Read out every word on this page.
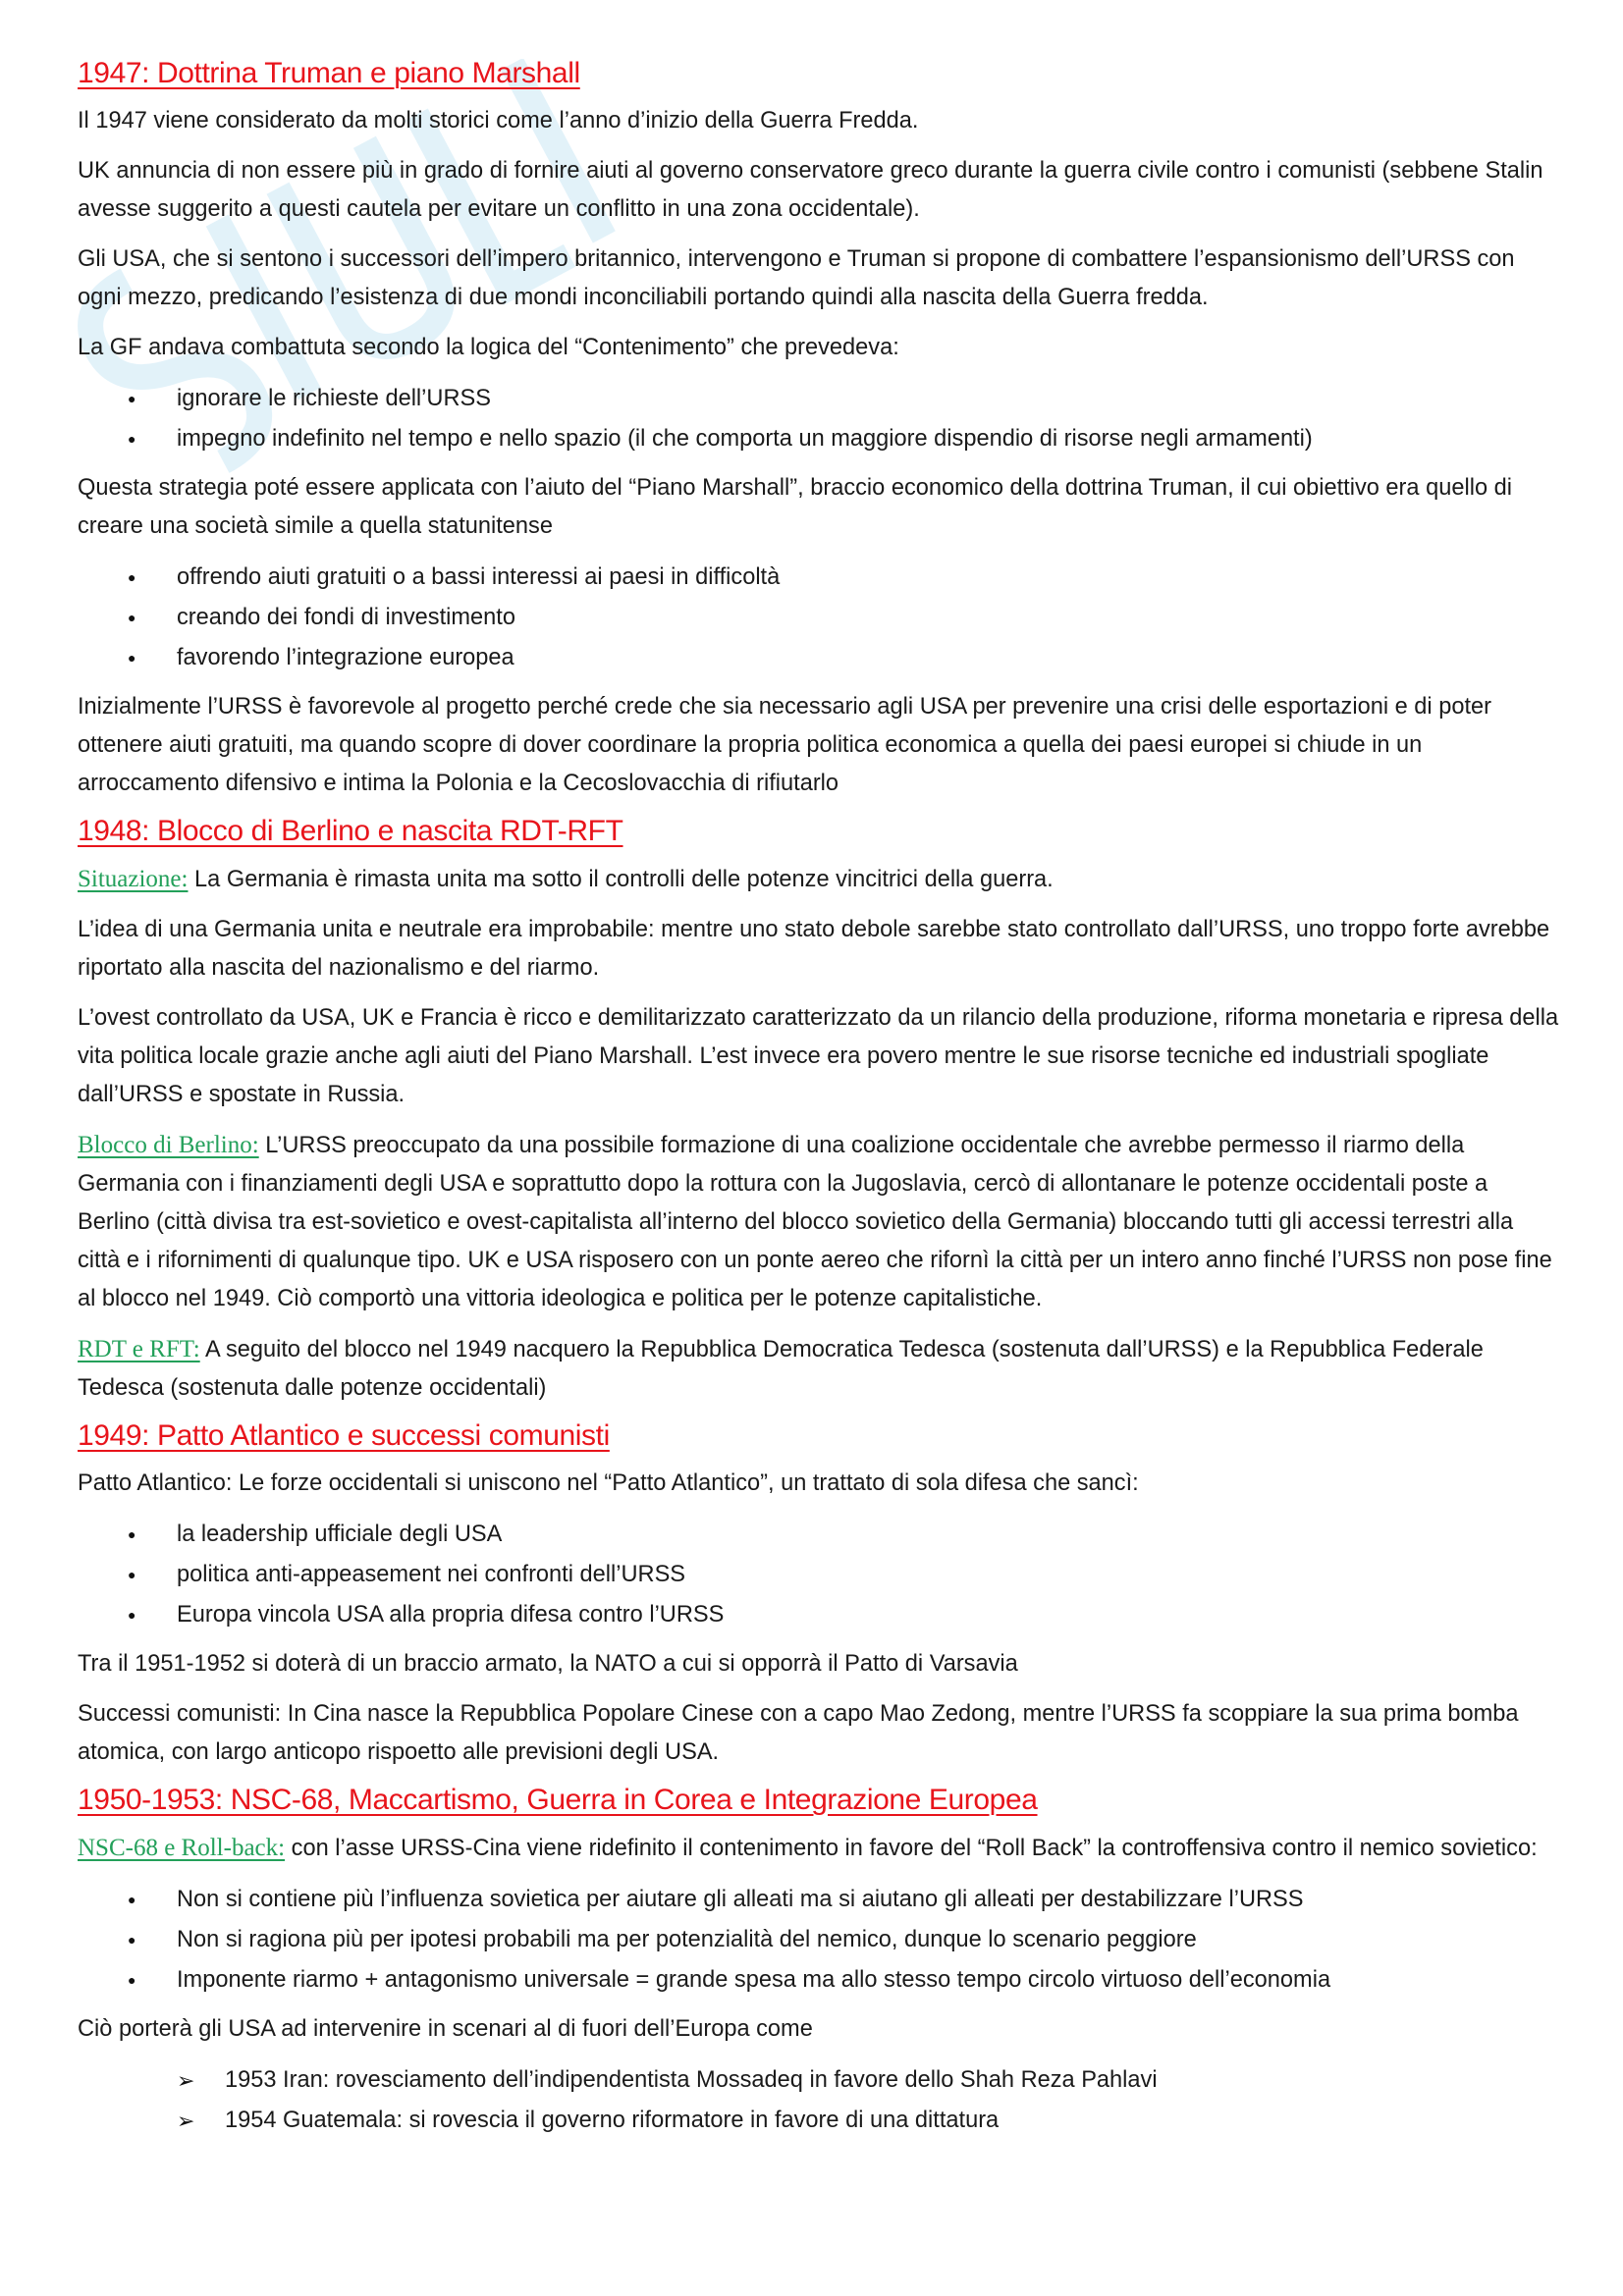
1947: Dottrina Truman e piano Marshall

Il 1947 viene considerato da molti storici come l’anno d’inizio della Guerra Fredda.

UK annuncia di non essere più in grado di fornire aiuti al governo conservatore greco durante la guerra civile contro i comunisti (sebbene Stalin avesse suggerito a questi cautela per evitare un conflitto in una zona occidentale).

Gli USA, che si sentono i successori dell’impero britannico, intervengono e Truman si propone di combattere l’espansionismo dell’URSS con ogni mezzo, predicando l’esistenza di due mondi inconciliabili portando quindi alla nascita della Guerra fredda.

La GF andava combattuta secondo la logica del “Contenimento” che prevedeva:

● ignorare le richieste dell’URSS
● impegno indefinito nel tempo e nello spazio (il che comporta un maggiore dispendio di risorse negli armamenti)

Questa strategia poté essere applicata con l’aiuto del “Piano Marshall”, braccio economico della dottrina Truman, il cui obiettivo era quello di creare una società simile a quella statunitense

● offrendo aiuti gratuiti o a bassi interessi ai paesi in difficoltà
● creando dei fondi di investimento
● favorendo l’integrazione europea

Inizialmente l’URSS è favorevole al progetto perché crede che sia necessario agli USA per prevenire una crisi delle esportazioni e di poter ottenere aiuti gratuiti, ma quando scopre di dover coordinare la propria politica economica a quella dei paesi europei si chiude in un arroccamento difensivo e intima la Polonia e la Cecoslovacchia di rifiutarlo

1948: Blocco di Berlino e nascita RDT-RFT

Situazione: La Germania è rimasta unita ma sotto il controlli delle potenze vincitrici della guerra.

L’idea di una Germania unita e neutrale era improbabile: mentre uno stato debole sarebbe stato controllato dall’URSS, uno troppo forte avrebbe riportato alla nascita del nazionalismo e del riarmo.

L’ovest controllato da USA, UK e Francia è ricco e demilitarizzato caratterizzato da un rilancio della produzione, riforma monetaria e ripresa della vita politica locale grazie anche agli aiuti del Piano Marshall. L’est invece era povero mentre le sue risorse tecniche ed industriali spogliate dall’URSS e spostate in Russia.

Blocco di Berlino: L’URSS preoccupato da una possibile formazione di una coalizione occidentale che avrebbe permesso il riarmo della Germania con i finanziamenti degli USA e soprattutto dopo la rottura con la Jugoslavia, cercò di allontanare le potenze occidentali poste a Berlino (città divisa tra est-sovietico e ovest-capitalista all’interno del blocco sovietico della Germania) bloccando tutti gli accessi terrestri alla città e i rifornimenti di qualunque tipo. UK e USA risposero con un ponte aereo che rifornì la città per un intero anno finché l’URSS non pose fine al blocco nel 1949. Ciò comportò una vittoria ideologica e politica per le potenze capitalistiche.

RDT e RFT: A seguito del blocco nel 1949 nacquero la Repubblica Democratica Tedesca (sostenuta dall’URSS) e la Repubblica Federale Tedesca (sostenuta dalle potenze occidentali)

1949: Patto Atlantico e successi comunisti

Patto Atlantico: Le forze occidentali si uniscono nel “Patto Atlantico”, un trattato di sola difesa che sancì:

● la leadership ufficiale degli USA
● politica anti-appeasement nei confronti dell’URSS
● Europa vincola USA alla propria difesa contro l’URSS

Tra il 1951-1952 si doterà di un braccio armato, la NATO a cui si opporrà il Patto di Varsavia

Successi comunisti: In Cina nasce la Repubblica Popolare Cinese con a capo Mao Zedong, mentre l’URSS fa scoppiare la sua prima bomba atomica, con largo anticopo rispoetto alle previsioni degli USA.

1950-1953: NSC-68, Maccartismo, Guerra in Corea e Integrazione Europea

NSC-68 e Roll-back: con l’asse URSS-Cina viene ridefinito il contenimento in favore del “Roll Back” la controffensiva contro il nemico sovietico:

● Non si contiene più l’influenza sovietica per aiutare gli alleati ma si aiutano gli alleati per destabilizzare l’URSS
● Non si ragiona più per ipotesi probabili ma per potenzialità del nemico, dunque lo scenario peggiore
● Imponente riarmo + antagonismo universale = grande spesa ma allo stesso tempo circolo virtuoso dell’economia

Ciò porterà gli USA ad intervenire in scenari al di fuori dell’Europa come

➢ 1953 Iran: rovesciamento dell’indipendentista Mossadeq in favore dello Shah Reza Pahlavi
➢ 1954 Guatemala: si rovescia il governo riformatore in favore di una dittatura
